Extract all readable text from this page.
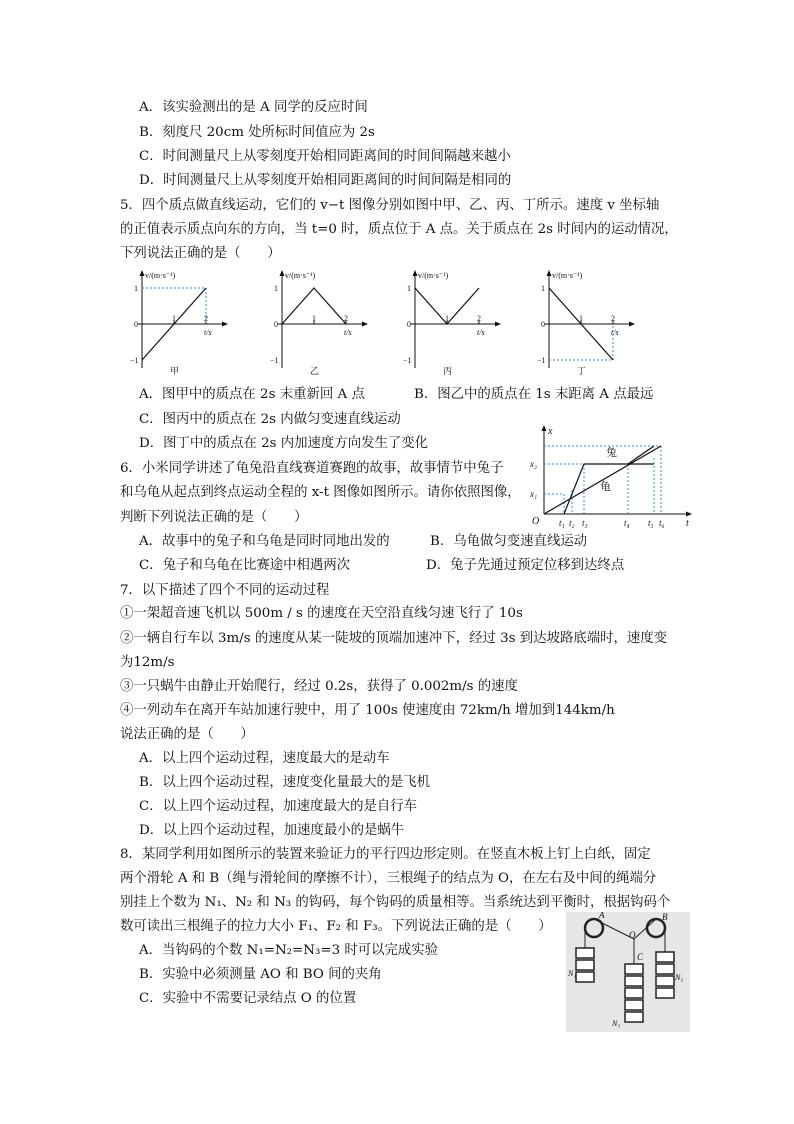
A．该实验测出的是 A 同学的反应时间
B．刻度尺 20cm 处所标时间值应为 2s
C．时间测量尺上从零刻度开始相同距离间的时间间隔越来越小
D．时间测量尺上从零刻度开始相同距离间的时间间隔是相同的
5．四个质点做直线运动，它们的 v−t 图像分别如图中甲、乙、丙、丁所示。速度 v 坐标轴
的正值表示质点向东的方向，当 t=0 时，质点位于 A 点。关于质点在 2s 时间内的运动情况，
下列说法正确的是（　　）
v/(m·s⁻¹)
t/s
1
−1
0
1	2
甲
v/(m·s⁻¹)
t/s
1
−1
0
1	2
乙
v/(m·s⁻¹)
t/s
1
−1
0
1	2
丙
v/(m·s⁻¹)
t/s
1
−1
0
1	2
丁
A．图甲中的质点在 2s 末重新回 A 点	B．图乙中的质点在 1s 末距离 A 点最远
C．图丙中的质点在 2s 内做匀变速直线运动
D．图丁中的质点在 2s 内加速度方向发生了变化
6．小米同学讲述了龟兔沿直线赛道赛跑的故事，故事情节中兔子
和乌龟从起点到终点运动全程的 x-t 图像如图所示。请你依照图像，
判断下列说法正确的是（　　）
x
t
O
x₁
x₂
兔
龟
t₁ t₂ t₃	t₄ t₅ t₆
A．故事中的兔子和乌龟是同时同地出发的	B．乌龟做匀变速直线运动
C．兔子和乌龟在比赛途中相遇两次	D．兔子先通过预定位移到达终点
7．以下描述了四个不同的运动过程
①一架超音速飞机以 500m / s 的速度在天空沿直线匀速飞行了 10s
②一辆自行车以 3m/s 的速度从某一陡坡的顶端加速冲下，经过 3s 到达坡路底端时，速度变
为12m/s
③一只蜗牛由静止开始爬行，经过 0.2s，获得了 0.002m/s 的速度
④一列动车在离开车站加速行驶中，用了 100s 使速度由 72km/h 增加到144km/h
说法正确的是（　　）
A．以上四个运动过程，速度最大的是动车
B．以上四个运动过程，速度变化量最大的是飞机
C．以上四个运动过程，加速度最大的是自行车
D．以上四个运动过程，加速度最小的是蜗牛
8．某同学利用如图所示的装置来验证力的平行四边形定则。在竖直木板上钉上白纸，固定
两个滑轮 A 和 B（绳与滑轮间的摩擦不计），三根绳子的结点为 O，在左右及中间的绳端分
别挂上个数为 N₁、N₂ 和 N₃ 的钩码，每个钩码的质量相等。当系统达到平衡时，根据钩码个
数可读出三根绳子的拉力大小 F₁、F₂ 和 F₃。下列说法正确的是（　　）
A．当钩码的个数 N₁=N₂=N₃=3 时可以完成实验
B．实验中必须测量 AO 和 BO 间的夹角
C．实验中不需要记录结点 O 的位置
A	B
O
C
N₁	N₂
N₃
